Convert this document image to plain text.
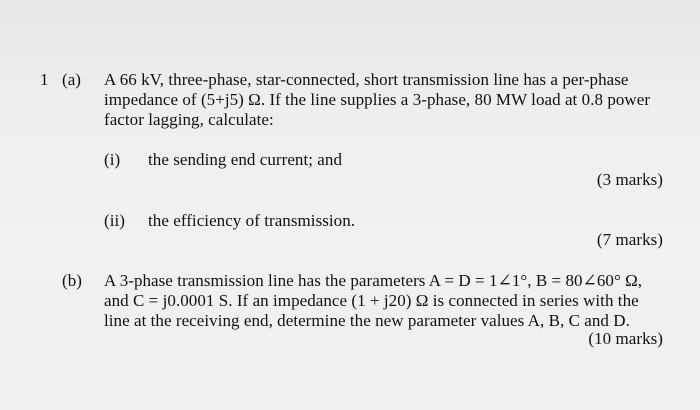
1 (a) A 66 kV, three-phase, star-connected, short transmission line has a per-phase
impedance of (5+j5) Ω. If the line supplies a 3-phase, 80 MW load at 0.8 power
factor lagging, calculate:
(i) the sending end current; and
(3 marks)
(ii) the efficiency of transmission.
(7 marks)
(b) A 3-phase transmission line has the parameters A = D = 1∠1°, B = 80∠60° Ω,
and C = j0.0001 S. If an impedance (1 + j20) Ω is connected in series with the
line at the receiving end, determine the new parameter values A, B, C and D.
(10 marks)
